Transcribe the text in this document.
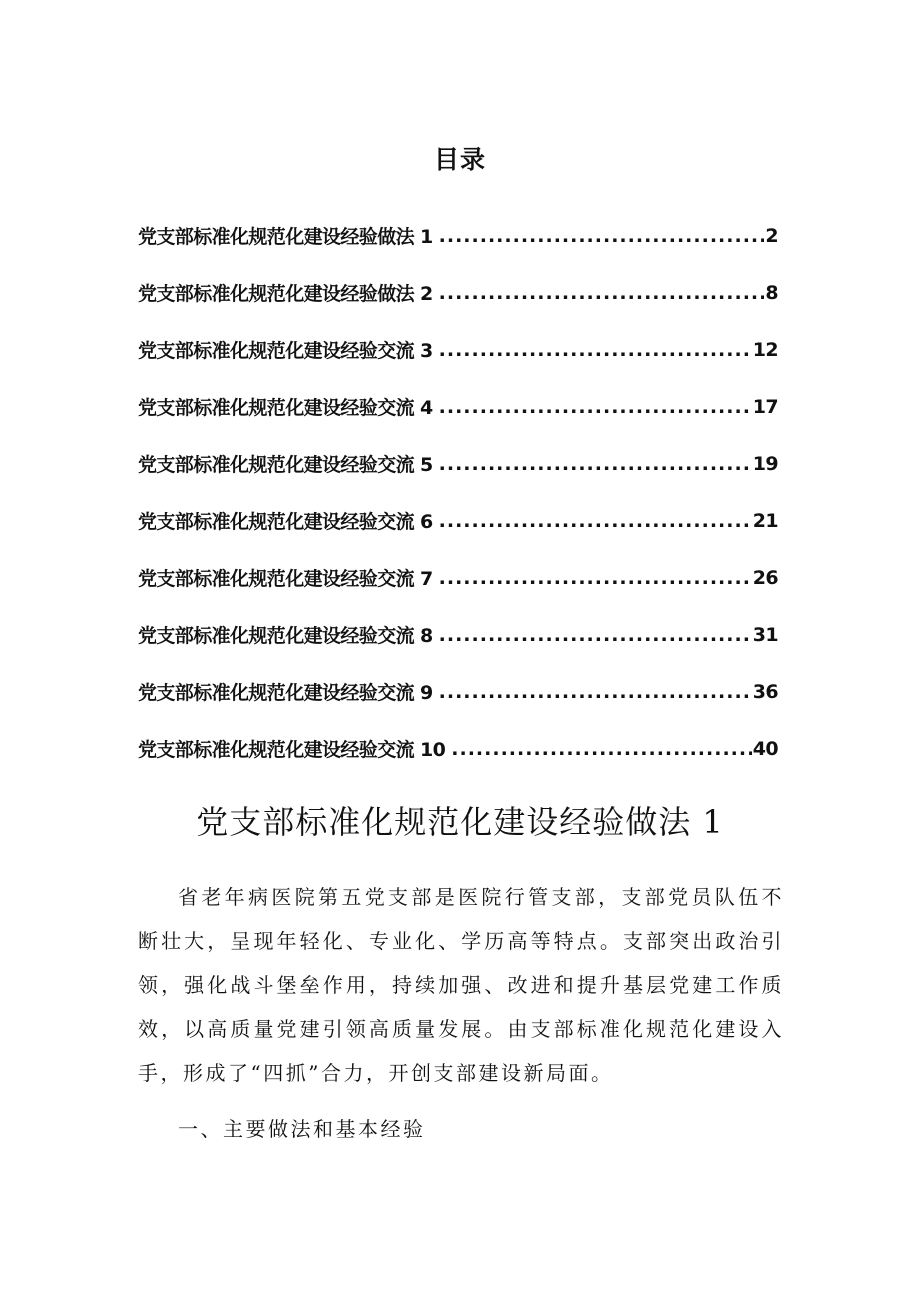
目录
党支部标准化规范化建设经验做法 1 .....	2
党支部标准化规范化建设经验做法 2 .....	8
党支部标准化规范化建设经验交流 3 .....	12
党支部标准化规范化建设经验交流 4 .....	17
党支部标准化规范化建设经验交流 5 .....	19
党支部标准化规范化建设经验交流 6 .....	21
党支部标准化规范化建设经验交流 7 .....	26
党支部标准化规范化建设经验交流 8 .....	31
党支部标准化规范化建设经验交流 9 .....	36
党支部标准化规范化建设经验交流 10 .....	40
党支部标准化规范化建设经验做法 1

省老年病医院第五党支部是医院行管支部，支部党员队伍不断壮大，呈现年轻化、专业化、学历高等特点。支部突出政治引领，强化战斗堡垒作用，持续加强、改进和提升基层党建工作质效，以高质量党建引领高质量发展。由支部标准化规范化建设入手，形成了“四抓”合力，开创支部建设新局面。

一、主要做法和基本经验
